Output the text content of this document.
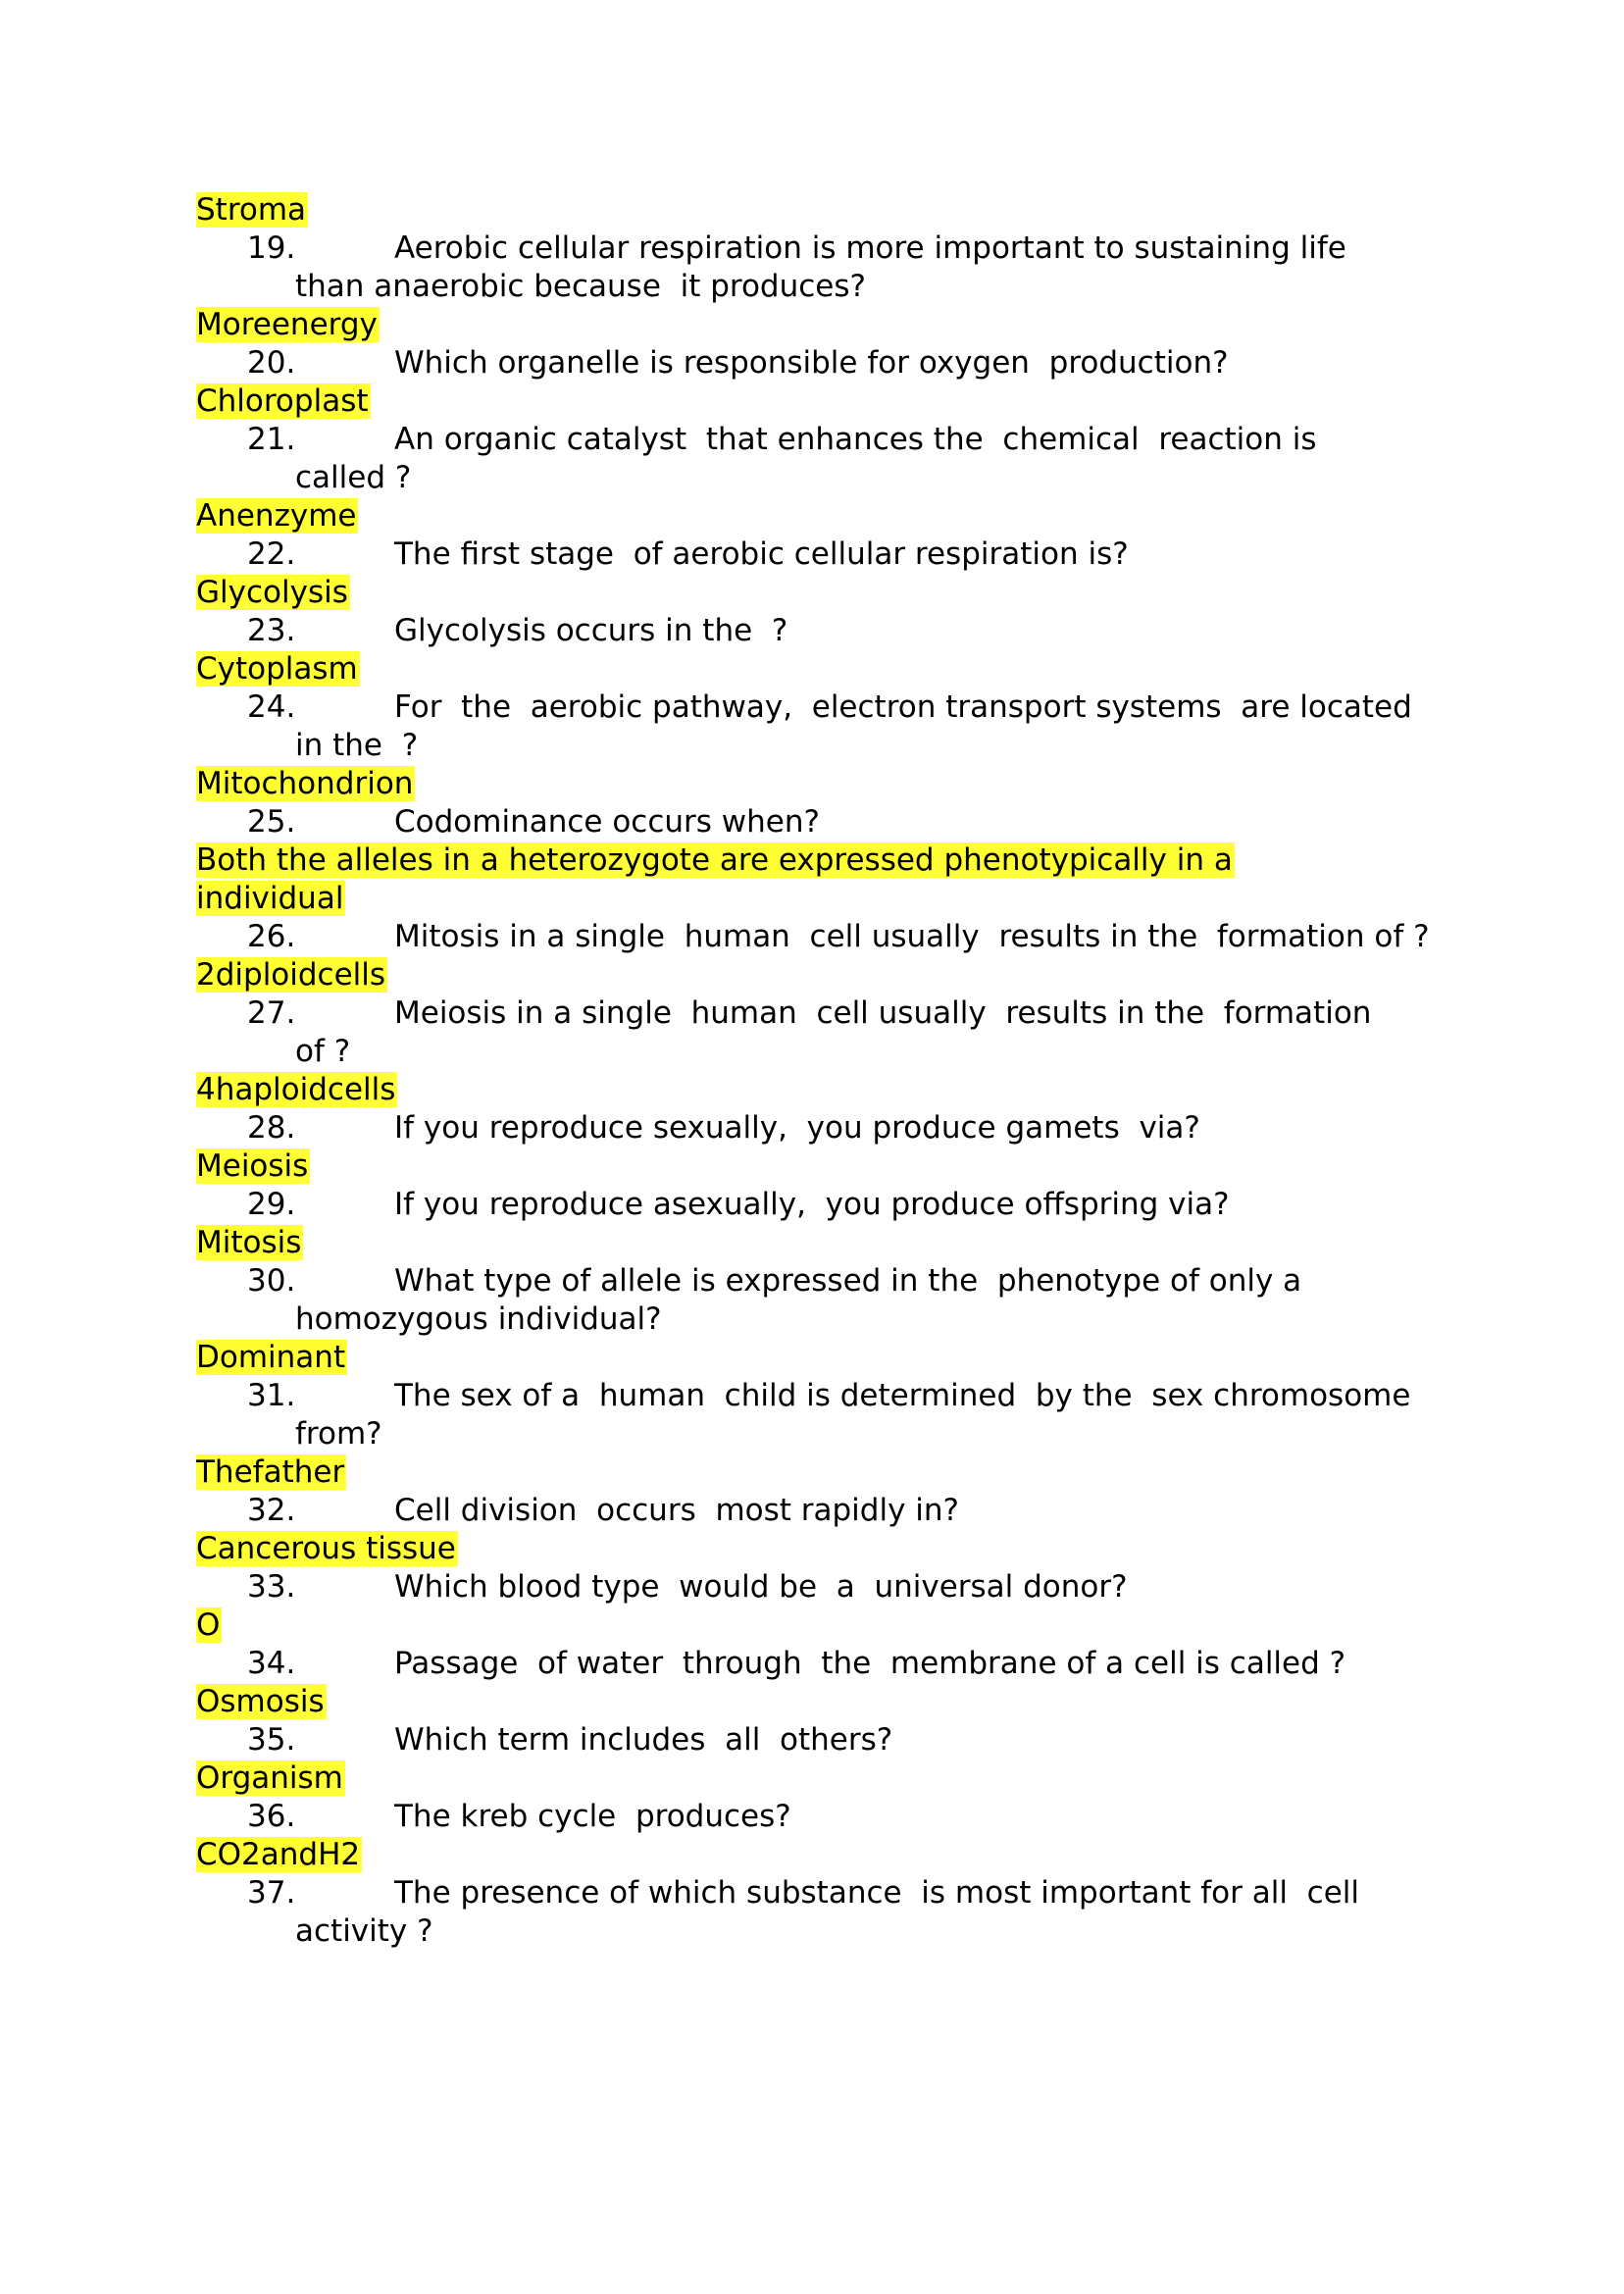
Stroma
19.	Aerobic cellular respiration is more important to sustaining life
than anaerobic because  it produces?
Moreenergy
20.	Which organelle is responsible for oxygen  production?
Chloroplast
21.	An organic catalyst  that enhances the  chemical  reaction is
called ?
Anenzyme
22.	The first stage  of aerobic cellular respiration is?
Glycolysis
23.	Glycolysis occurs in the  ?
Cytoplasm
24.	For  the  aerobic pathway,  electron transport systems  are located
in the  ?
Mitochondrion
25.	Codominance occurs when?
Both the alleles in a heterozygote are expressed phenotypically in a
individual
26.	Mitosis in a single  human  cell usually  results in the  formation of ?
2diploidcells
27.	Meiosis in a single  human  cell usually  results in the  formation
of ?
4haploidcells
28.	If you reproduce sexually,  you produce gamets  via?
Meiosis
29.	If you reproduce asexually,  you produce offspring via?
Mitosis
30.	What type of allele is expressed in the  phenotype of only a
homozygous individual?
Dominant
31.	The sex of a  human  child is determined  by the  sex chromosome
from?
Thefather
32.	Cell division  occurs  most rapidly in?
Cancerous tissue
33.	Which blood type  would be  a  universal donor?
O
34.	Passage  of water  through  the  membrane of a cell is called ?
Osmosis
35.	Which term includes  all  others?
Organism
36.	The kreb cycle  produces?
CO2andH2
37.	The presence of which substance  is most important for all  cell
activity ?
